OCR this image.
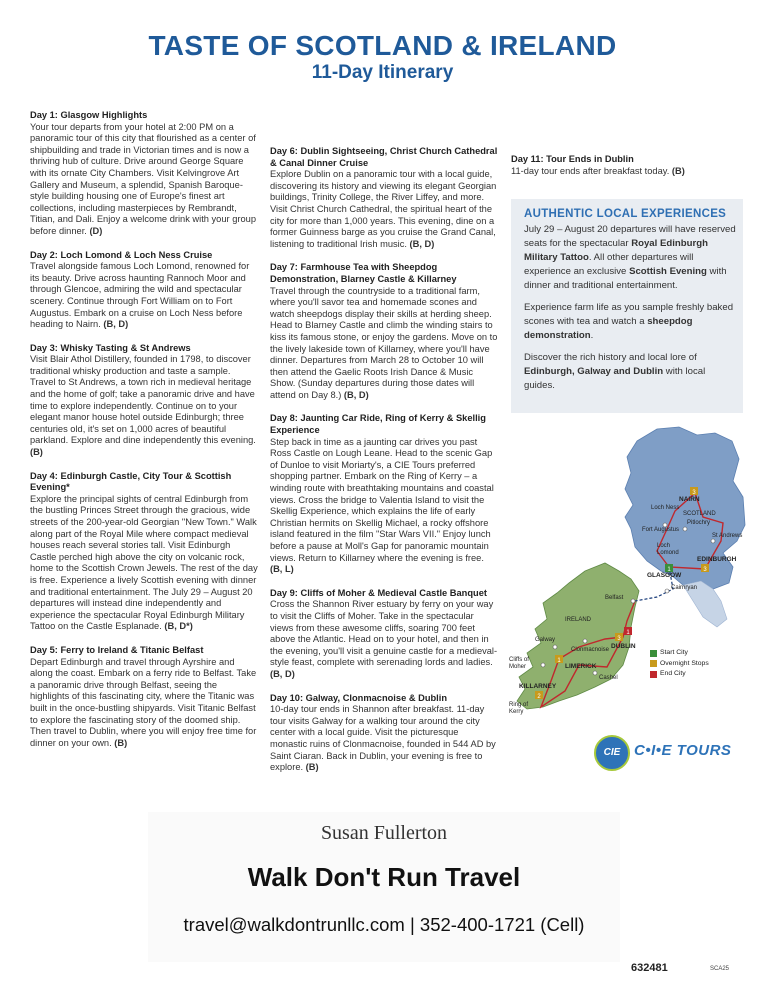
TASTE OF SCOTLAND & IRELAND
11-Day Itinerary
Day 1: Glasgow Highlights

Your tour departs from your hotel at 2:00 PM on a panoramic tour of this city that flourished as a center of shipbuilding and trade in Victorian times and is now a thriving hub of culture. Drive around George Square with its ornate City Chambers. Visit Kelvingrove Art Gallery and Museum, a splendid, Spanish Baroque-style building housing one of Europe's finest art collections, including masterpieces by Rembrandt, Titian, and Dali. Enjoy a welcome drink with your group before dinner. (D)

Day 2: Loch Lomond & Loch Ness Cruise

Travel alongside famous Loch Lomond, renowned for its beauty. Drive across haunting Rannoch Moor and through Glencoe, admiring the wild and spectacular scenery. Continue through Fort William on to Fort Augustus. Embark on a cruise on Loch Ness before heading to Nairn. (B, D)

Day 3: Whisky Tasting & St Andrews

Visit Blair Athol Distillery, founded in 1798, to discover traditional whisky production and taste a sample. Travel to St Andrews, a town rich in medieval heritage and the home of golf; take a panoramic drive and have time to explore independently. Continue on to your elegant manor house hotel outside Edinburgh; three centuries old, it's set on 1,000 acres of beautiful parkland. Explore and dine independently this evening. (B)

Day 4: Edinburgh Castle, City Tour & Scottish Evening*

Explore the principal sights of central Edinburgh from the bustling Princes Street through the gracious, wide streets of the 200-year-old Georgian "New Town." Walk along part of the Royal Mile where compact medieval houses reach several stories tall. Visit Edinburgh Castle perched high above the city on volcanic rock, home to the Scottish Crown Jewels. The rest of the day is free. Experience a lively Scottish evening with dinner and traditional entertainment. The July 29 – August 20 departures will instead dine independently and experience the spectacular Royal Edinburgh Military Tattoo on the Castle Esplanade. (B, D*)

Day 5: Ferry to Ireland & Titanic Belfast

Depart Edinburgh and travel through Ayrshire and along the coast. Embark on a ferry ride to Belfast. Take a panoramic drive through Belfast, seeing the highlights of this fascinating city, where the Titanic was built in the once-bustling shipyards. Visit Titanic Belfast to explore the fascinating story of the doomed ship. Then travel to Dublin, where you will enjoy free time for dinner on your own. (B)

Day 6: Dublin Sightseeing, Christ Church Cathedral & Canal Dinner Cruise

Explore Dublin on a panoramic tour with a local guide, discovering its history and viewing its elegant Georgian buildings, Trinity College, the River Liffey, and more. Visit Christ Church Cathedral, the spiritual heart of the city for more than 1,000 years. This evening, dine on a former Guinness barge as you cruise the Grand Canal, listening to traditional Irish music. (B, D)

Day 7: Farmhouse Tea with Sheepdog Demonstration, Blarney Castle & Killarney

Travel through the countryside to a traditional farm, where you'll savor tea and homemade scones and watch sheepdogs display their skills at herding sheep. Head to Blarney Castle and climb the winding stairs to kiss its famous stone, or enjoy the gardens. Move on to the lively lakeside town of Killarney, where you'll have dinner. Departures from March 28 to October 10 will then attend the Gaelic Roots Irish Dance & Music Show. (Sunday departures during those dates will attend on Day 8.) (B, D)

Day 8: Jaunting Car Ride, Ring of Kerry & Skellig Experience

Step back in time as a jaunting car drives you past Ross Castle on Lough Leane. Head to the scenic Gap of Dunloe to visit Moriarty's, a CIE Tours preferred shopping partner. Embark on the Ring of Kerry – a winding route with breathtaking mountains and coastal views. Cross the bridge to Valentia Island to visit the Skellig Experience, which explains the life of early Christian hermits on Skellig Michael, a rocky offshore island featured in the film "Star Wars VII." Enjoy lunch before a pause at Moll's Gap for panoramic mountain views. Return to Killarney where the evening is free. (B, L)

Day 9: Cliffs of Moher & Medieval Castle Banquet

Cross the Shannon River estuary by ferry on your way to visit the Cliffs of Moher. Take in the spectacular views from these awesome cliffs, soaring 700 feet above the Atlantic. Head on to your hotel, and then in the evening, you'll visit a genuine castle for a medieval-style feast, complete with serenading lords and ladies. (B, D)

Day 10: Galway, Clonmacnoise & Dublin

10-day tour ends in Shannon after breakfast. 11-day tour visits Galway for a walking tour around the city center with a local guide. Visit the picturesque monastic ruins of Clonmacnoise, founded in 544 AD by Saint Ciaran. Back in Dublin, your evening is free to explore. (B)

Day 11: Tour Ends in Dublin

11-day tour ends after breakfast today. (B)

AUTHENTIC LOCAL EXPERIENCES

July 29 – August 20 departures will have reserved seats for the spectacular Royal Edinburgh Military Tattoo. All other departures will experience an exclusive Scottish Evening with dinner and traditional entertainment.

Experience farm life as you sample freshly baked scones with tea and watch a sheepdog demonstration.

Discover the rich history and local lore of Edinburgh, Galway and Dublin with local guides.

3
1	3
3
1
1
2
NAIRN
SCOTLAND
Loch Ness
Fort Augustus
Pitlochry
St Andrews
Loch Lomond
GLASGOW
EDINBURGH
Cairnryan
Belfast
IRELAND
Galway
Clonmacnoise DUBLIN
Cliffs of Moher	LIMERICK
Cashel
KILLARNEY
Ring of Kerry
Start City
Overnight Stops
End City
CIE C•I•E TOURS
Susan Fullerton
Walk Don't Run Travel
travel@walkdontrunllc.com | 352-400-1721 (Cell)
632481	SCA25
